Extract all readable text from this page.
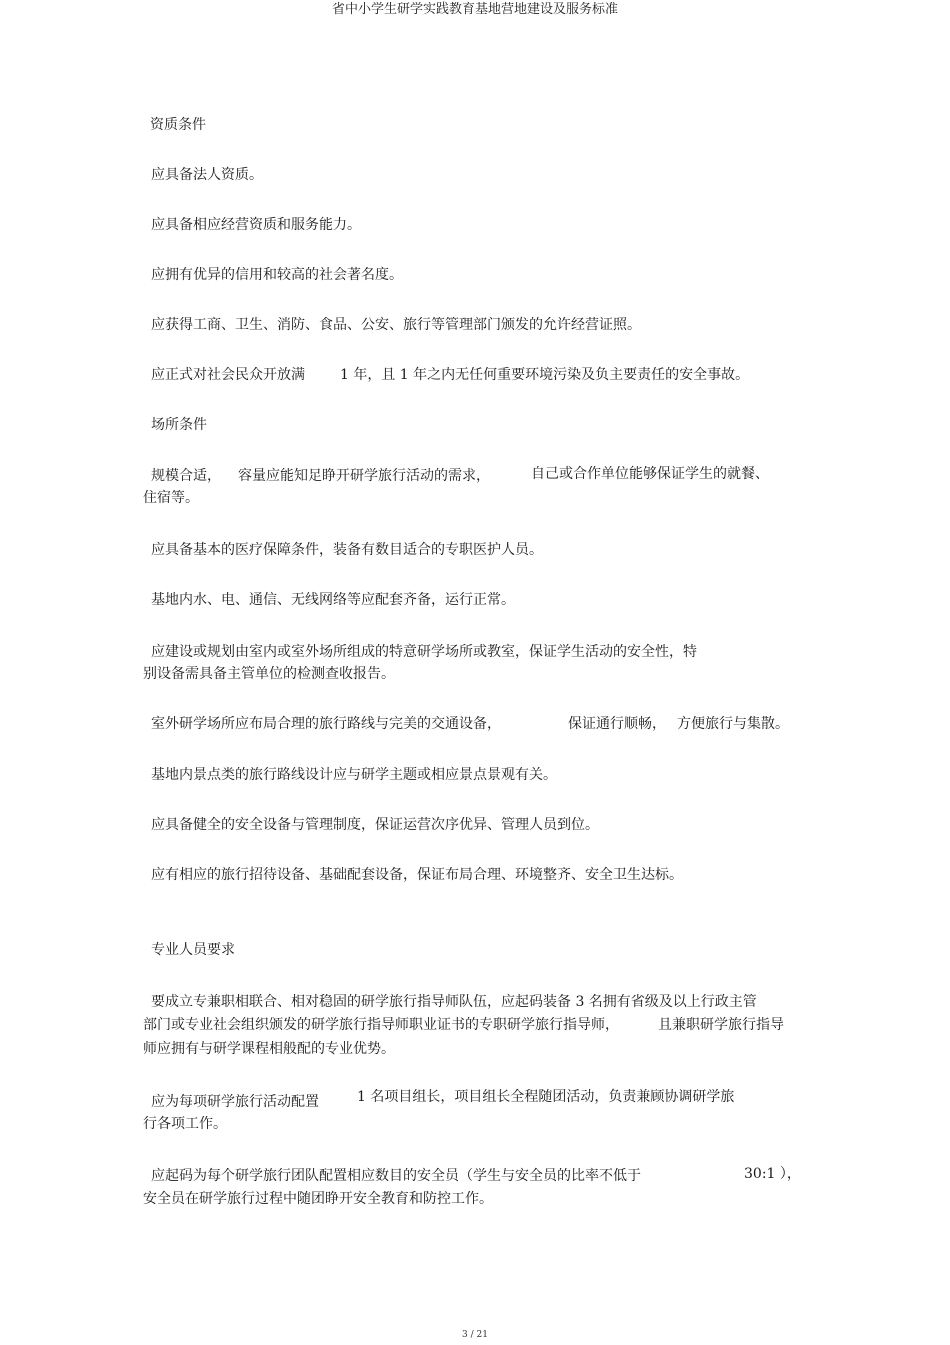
省中小学生研学实践教育基地营地建设及服务标准
资质条件
应具备法人资质。
应具备相应经营资质和服务能力。
应拥有优异的信用和较高的社会著名度。
应获得工商、卫生、消防、食品、公安、旅行等管理部门颁发的允许经营证照。
应正式对社会民众开放满	1 年，且 1 年之内无任何重要环境污染及负主要责任的安全事故。
场所条件
规模合适， 容量应能知足睁开研学旅行活动的需求，	自己或合作单位能够保证学生的就餐、
住宿等。
应具备基本的医疗保障条件，装备有数目适合的专职医护人员。
基地内水、电、通信、无线网络等应配套齐备，运行正常。
应建设或规划由室内或室外场所组成的特意研学场所或教室，保证学生活动的安全性，特
别设备需具备主管单位的检测查收报告。
室外研学场所应布局合理的旅行路线与完美的交通设备，	保证通行顺畅， 方便旅行与集散。
基地内景点类的旅行路线设计应与研学主题或相应景点景观有关。
应具备健全的安全设备与管理制度，保证运营次序优异、管理人员到位。
应有相应的旅行招待设备、基础配套设备，保证布局合理、环境整齐、安全卫生达标。
专业人员要求
要成立专兼职相联合、相对稳固的研学旅行指导师队伍，应起码装备 3 名拥有省级及以上行政主管
部门或专业社会组织颁发的研学旅行指导师职业证书的专职研学旅行指导师，	且兼职研学旅行指导
师应拥有与研学课程相般配的专业优势。
应为每项研学旅行活动配置	1 名项目组长，项目组长全程随团活动，负责兼顾协调研学旅
行各项工作。
应起码为每个研学旅行团队配置相应数目的安全员（学生与安全员的比率不低于	30:1 ），
安全员在研学旅行过程中随团睁开安全教育和防控工作。
3 / 21
